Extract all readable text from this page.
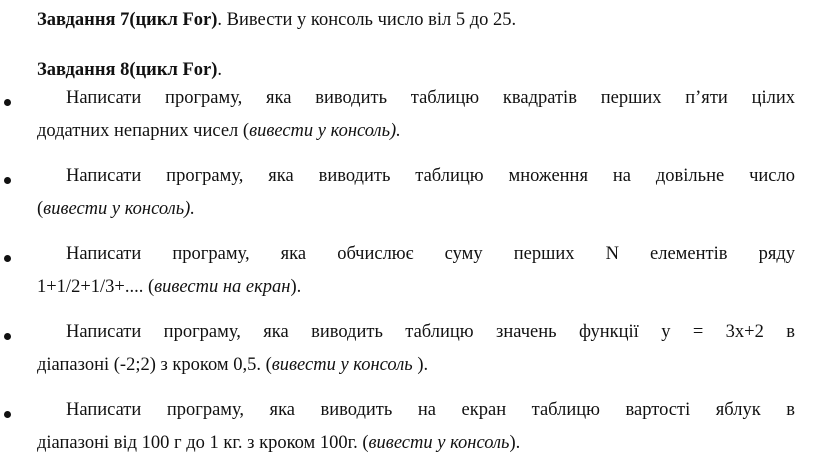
Завдання 7(цикл For). Вивести у консоль число віл 5 до 25.
Завдання 8(цикл For).
Написати програму, яка виводить таблицю квадратів перших п’яти цілих
додатних непарних чисел (вивести у консоль).
Написати програму, яка виводить таблицю множення на довільне число
(вивести у консоль).
Написати програму, яка обчислює суму перших N елементів ряду
1+1/2+1/3+.... (вивести на екран).
Написати програму, яка виводить таблицю значень функції y = 3x+2 в
діапазоні (-2;2) з кроком 0,5. (вивести у консоль ).
Написати програму, яка виводить на екран таблицю вартості яблук в
діапазоні від 100 г до 1 кг. з кроком 100г. (вивести у консоль).
